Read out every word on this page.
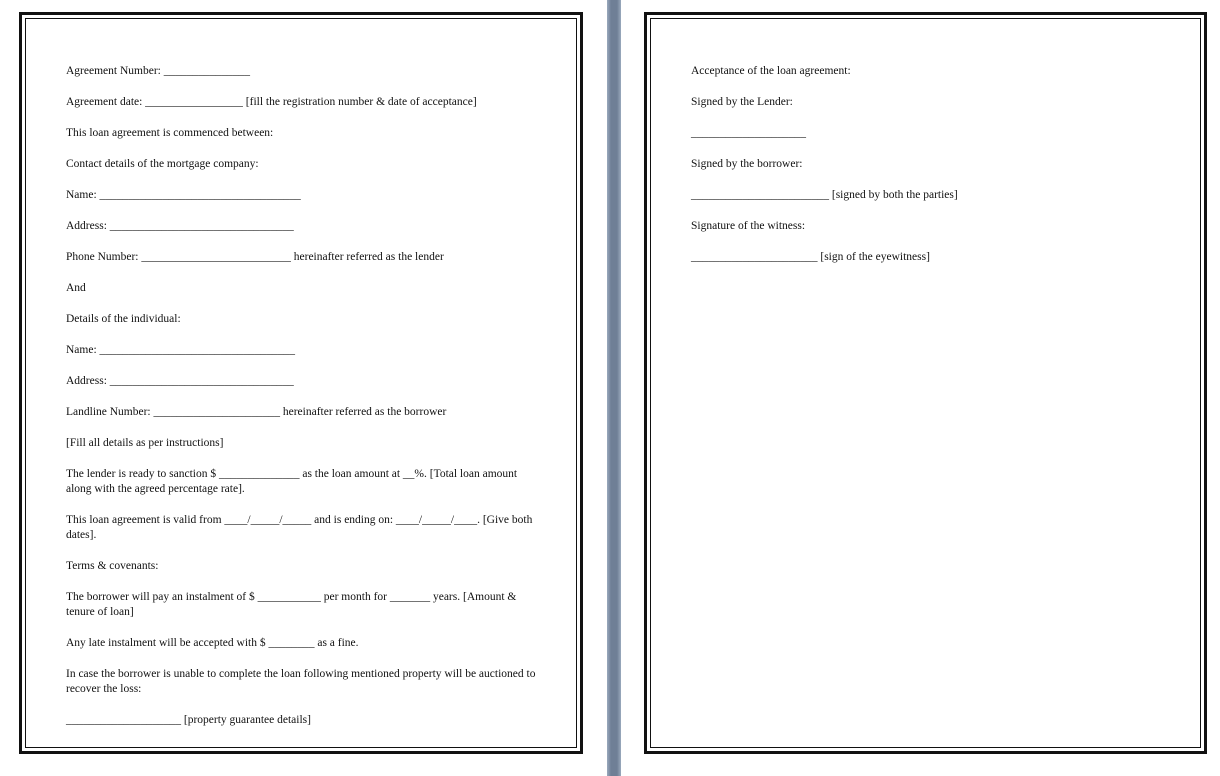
Agreement Number: _______________

Agreement date: _________________ [fill the registration number & date of acceptance]

This loan agreement is commenced between:

Contact details of the mortgage company:

Name: ___________________________________

Address: ________________________________

Phone Number: __________________________ hereinafter referred as the lender

And

Details of the individual:

Name: __________________________________

Address: ________________________________

Landline Number: ______________________ hereinafter referred as the borrower

[Fill all details as per instructions]

The lender is ready to sanction $ ______________ as the loan amount at __%. [Total loan amount along with the agreed percentage rate].

This loan agreement is valid from ____/_____/_____ and is ending on: ____/_____/____. [Give both dates].

Terms & covenants:

The borrower will pay an instalment of $ ___________ per month for _______ years. [Amount & tenure of loan]

Any late instalment will be accepted with $ ________ as a fine.

In case the borrower is unable to complete the loan following mentioned property will be auctioned to recover the loss:

____________________ [property guarantee details]

Acceptance of the loan agreement:

Signed by the Lender:

____________________

Signed by the borrower:

________________________ [signed by both the parties]

Signature of the witness:

______________________ [sign of the eyewitness]
